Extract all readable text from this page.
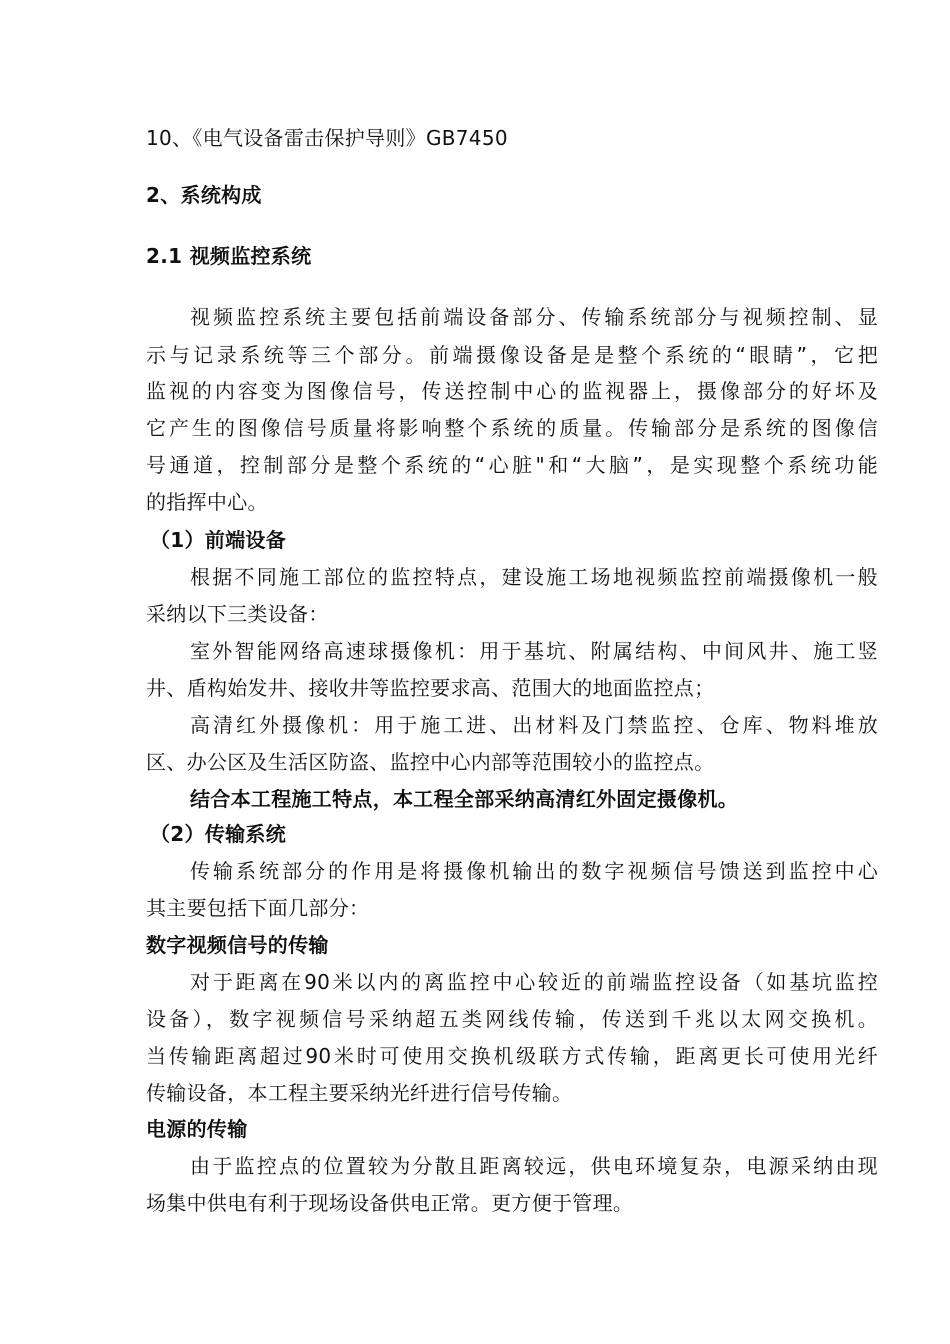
10、《电气设备雷击保护导则》GB7450
2、系统构成
2.1 视频监控系统
视频监控系统主要包括前端设备部分、传输系统部分与视频控制、显
示与记录系统等三个部分。前端摄像设备是是整个系统的“眼睛”，它把
监视的内容变为图像信号，传送控制中心的监视器上，摄像部分的好坏及
它产生的图像信号质量将影响整个系统的质量。传输部分是系统的图像信
号通道，控制部分是整个系统的“心脏"和“大脑”，是实现整个系统功能
的指挥中心。
（1）前端设备
根据不同施工部位的监控特点，建设施工场地视频监控前端摄像机一般
采纳以下三类设备：
室外智能网络高速球摄像机：用于基坑、附属结构、中间风井、施工竖
井、盾构始发井、接收井等监控要求高、范围大的地面监控点；
高清红外摄像机：用于施工进、出材料及门禁监控、仓库、物料堆放
区、办公区及生活区防盗、监控中心内部等范围较小的监控点。
结合本工程施工特点，本工程全部采纳高清红外固定摄像机。
（2）传输系统
传输系统部分的作用是将摄像机输出的数字视频信号馈送到监控中心
其主要包括下面几部分：
数字视频信号的传输
对于距离在90米以内的离监控中心较近的前端监控设备（如基坑监控
设备），数字视频信号采纳超五类网线传输，传送到千兆以太网交换机。
当传输距离超过90米时可使用交换机级联方式传输，距离更长可使用光纤
传输设备，本工程主要采纳光纤进行信号传输。
电源的传输
由于监控点的位置较为分散且距离较远，供电环境复杂，电源采纳由现
场集中供电有利于现场设备供电正常。更方便于管理。
